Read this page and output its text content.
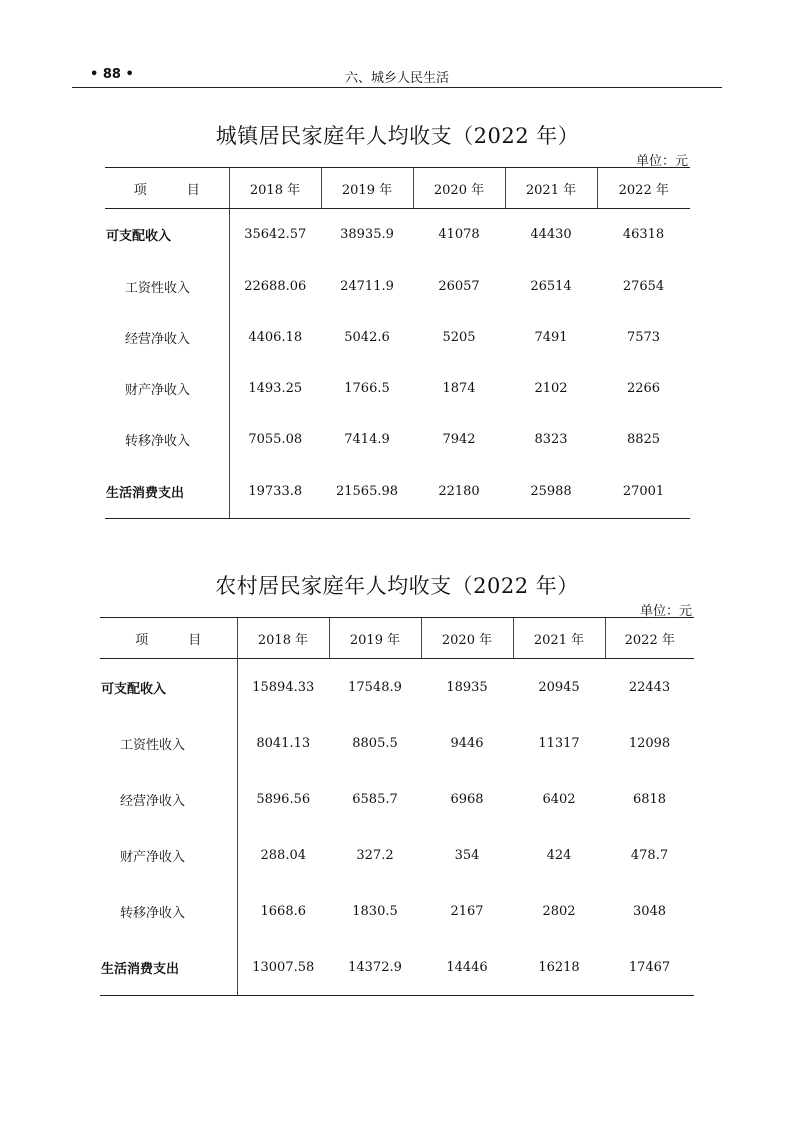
• 88 •	六、城乡人民生活
城镇居民家庭年人均收支（2022 年）
单位：元
项 目	2018 年	2019 年	2020 年	2021 年	2022 年
可支配收入	35642.57	38935.9	41078	44430	46318
工资性收入	22688.06	24711.9	26057	26514	27654
经营净收入	4406.18	5042.6	5205	7491	7573
财产净收入	1493.25	1766.5	1874	2102	2266
转移净收入	7055.08	7414.9	7942	8323	8825
生活消费支出	19733.8	21565.98	22180	25988	27001
农村居民家庭年人均收支（2022 年）
单位：元
项 目	2018 年	2019 年	2020 年	2021 年	2022 年
可支配收入	15894.33	17548.9	18935	20945	22443
工资性收入	8041.13	8805.5	9446	11317	12098
经营净收入	5896.56	6585.7	6968	6402	6818
财产净收入	288.04	327.2	354	424	478.7
转移净收入	1668.6	1830.5	2167	2802	3048
生活消费支出	13007.58	14372.9	14446	16218	17467
